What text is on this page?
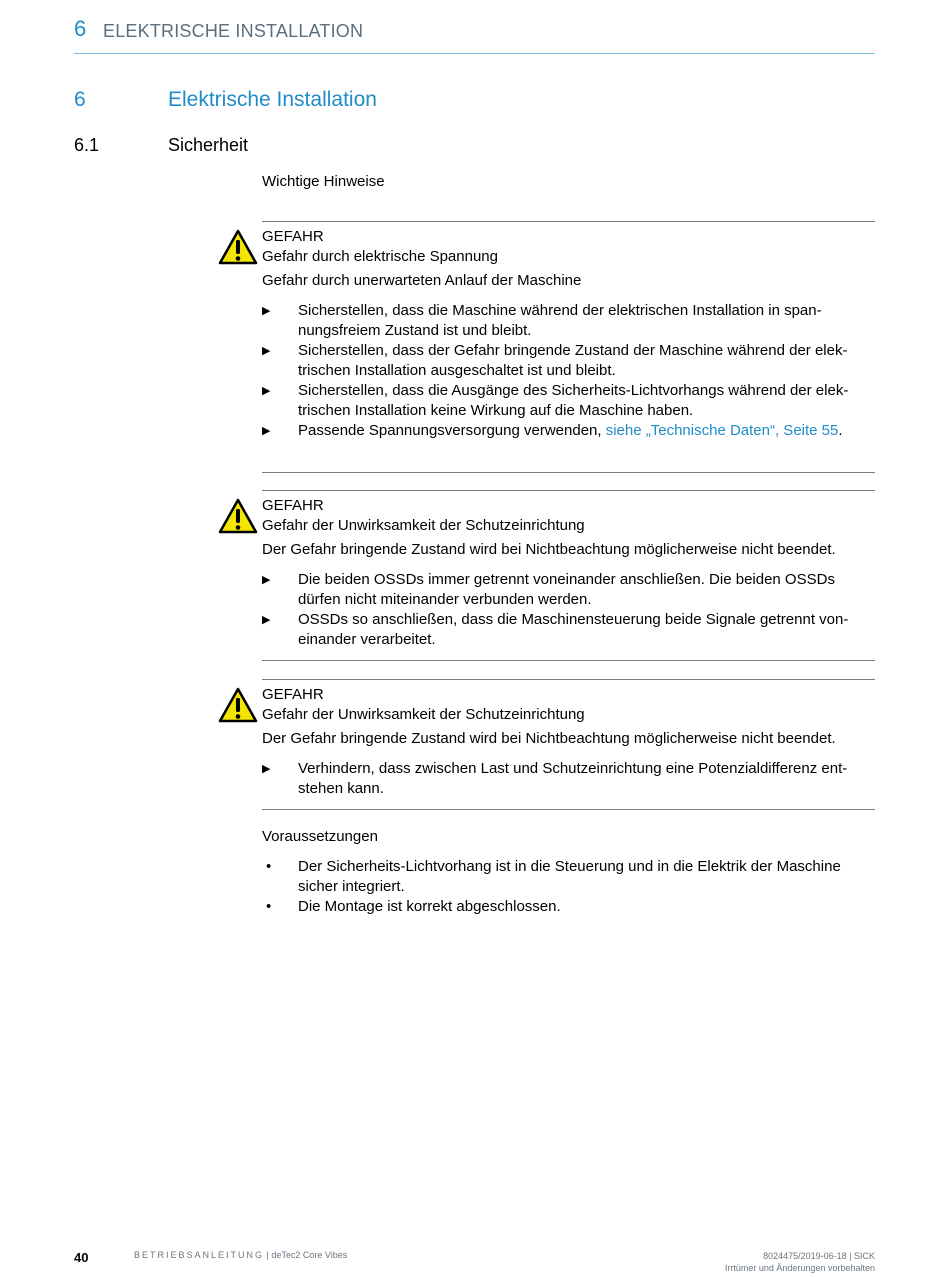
6 ELEKTRISCHE INSTALLATION
6	Elektrische Installation
6.1	Sicherheit
Wichtige Hinweise
GEFAHR
Gefahr durch elektrische Spannung
Gefahr durch unerwarteten Anlauf der Maschine
▶ Sicherstellen, dass die Maschine während der elektrischen Installation in span-nungsfreiem Zustand ist und bleibt.
▶ Sicherstellen, dass der Gefahr bringende Zustand der Maschine während der elek-trischen Installation ausgeschaltet ist und bleibt.
▶ Sicherstellen, dass die Ausgänge des Sicherheits-Lichtvorhangs während der elek-trischen Installation keine Wirkung auf die Maschine haben.
▶ Passende Spannungsversorgung verwenden, siehe „Technische Daten“, Seite 55.
GEFAHR
Gefahr der Unwirksamkeit der Schutzeinrichtung
Der Gefahr bringende Zustand wird bei Nichtbeachtung möglicherweise nicht beendet.
▶ Die beiden OSSDs immer getrennt voneinander anschließen. Die beiden OSSDs dürfen nicht miteinander verbunden werden.
▶ OSSDs so anschließen, dass die Maschinensteuerung beide Signale getrennt von-einander verarbeitet.
GEFAHR
Gefahr der Unwirksamkeit der Schutzeinrichtung
Der Gefahr bringende Zustand wird bei Nichtbeachtung möglicherweise nicht beendet.
▶ Verhindern, dass zwischen Last und Schutzeinrichtung eine Potenzialdifferenz ent-stehen kann.
Voraussetzungen
• Der Sicherheits-Lichtvorhang ist in die Steuerung und in die Elektrik der Maschine sicher integriert.
• Die Montage ist korrekt abgeschlossen.
40	BETRIEBSANLEITUNG | deTec2 Core Vibes	8024475/2019-06-18 | SICK
Irrtümer und Änderungen vorbehalten
